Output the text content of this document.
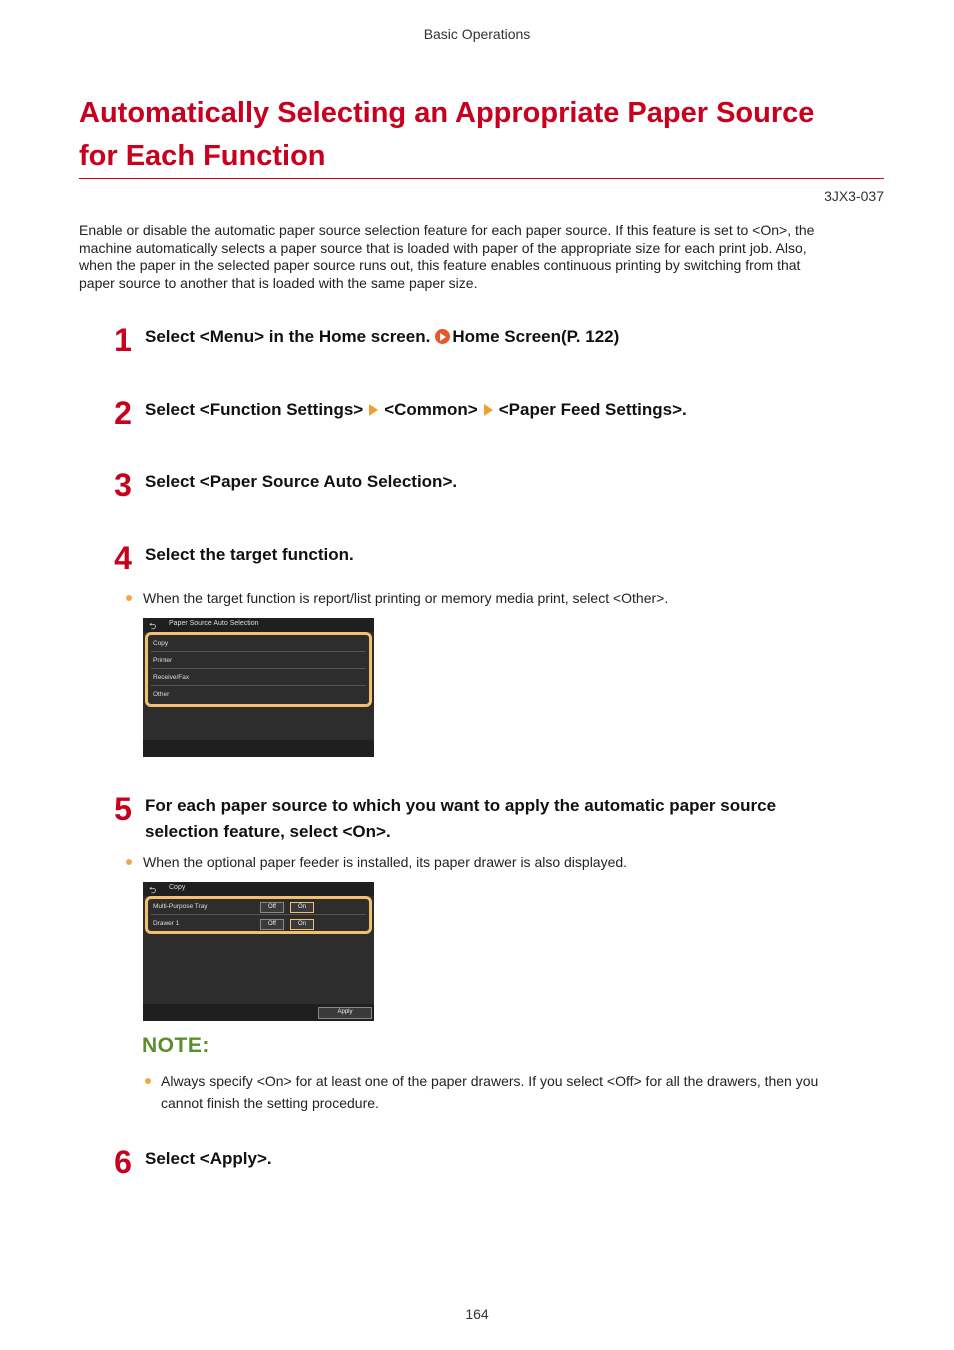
Basic Operations
Automatically Selecting an Appropriate Paper Source
for Each Function
3JX3-037
Enable or disable the automatic paper source selection feature for each paper source. If this feature is set to <On>, the
machine automatically selects a paper source that is loaded with paper of the appropriate size for each print job. Also,
when the paper in the selected paper source runs out, this feature enables continuous printing by switching from that
paper source to another that is loaded with the same paper size.
1 Select <Menu> in the Home screen. Home Screen(P. 122)
2 Select <Function Settings> <Common> <Paper Feed Settings>.
3 Select <Paper Source Auto Selection>.
4 Select the target function.
When the target function is report/list printing or memory media print, select <Other>.
⮌ Paper Source Auto Selection
Copy
Printer
Receive/Fax
Other
5 For each paper source to which you want to apply the automatic paper source
selection feature, select <On>.
When the optional paper feeder is installed, its paper drawer is also displayed.
⮌ Copy
Multi-Purpose Tray	Off	On
Drawer 1	Off	On
Apply
NOTE:
Always specify <On> for at least one of the paper drawers. If you select <Off> for all the drawers, then you
cannot finish the setting procedure.
6 Select <Apply>.
164
